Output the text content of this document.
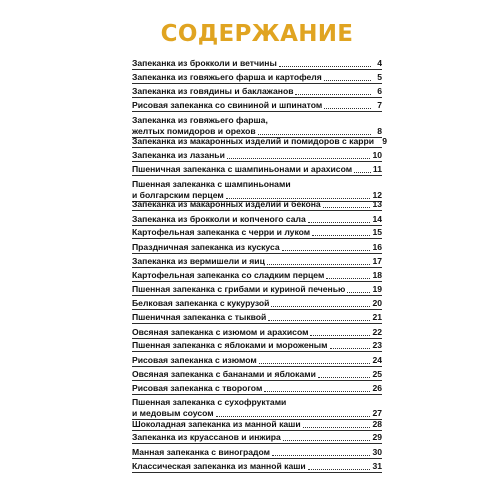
СОДЕРЖАНИЕ
Запеканка из брокколи и ветчины	4
Запеканка из говяжьего фарша и картофеля	5
Запеканка из говядины и баклажанов	6
Рисовая запеканка со свининой и шпинатом	7
Запеканка из говяжьего фарша,
желтых помидоров и орехов	8
Запеканка из макаронных изделий и помидоров с карри 9
Запеканка из лазаньи	10
Пшеничная запеканка с шампиньонами и арахисом 11
Пшенная запеканка с шампиньонами
и болгарским перцем	12
Запеканка из макаронных изделий и бекона	13
Запеканка из брокколи и копченого сала	14
Картофельная запеканка с черри и луком	15
Праздничная запеканка из кускуса	16
Запеканка из вермишели и яиц	17
Картофельная запеканка со сладким перцем	18
Пшенная запеканка с грибами и куриной печенью	19
Белковая запеканка с кукурузой	20
Пшеничная запеканка с тыквой	21
Овсяная запеканка с изюмом и арахисом	22
Пшенная запеканка с яблоками и мороженым	23
Рисовая запеканка с изюмом	24
Овсяная запеканка с бананами и яблоками	25
Рисовая запеканка с творогом	26
Пшенная запеканка с сухофруктами
и медовым соусом	27
Шоколадная запеканка из манной каши	28
Запеканка из круассанов и инжира	29
Манная запеканка с виноградом	30
Классическая запеканка из манной каши	31
